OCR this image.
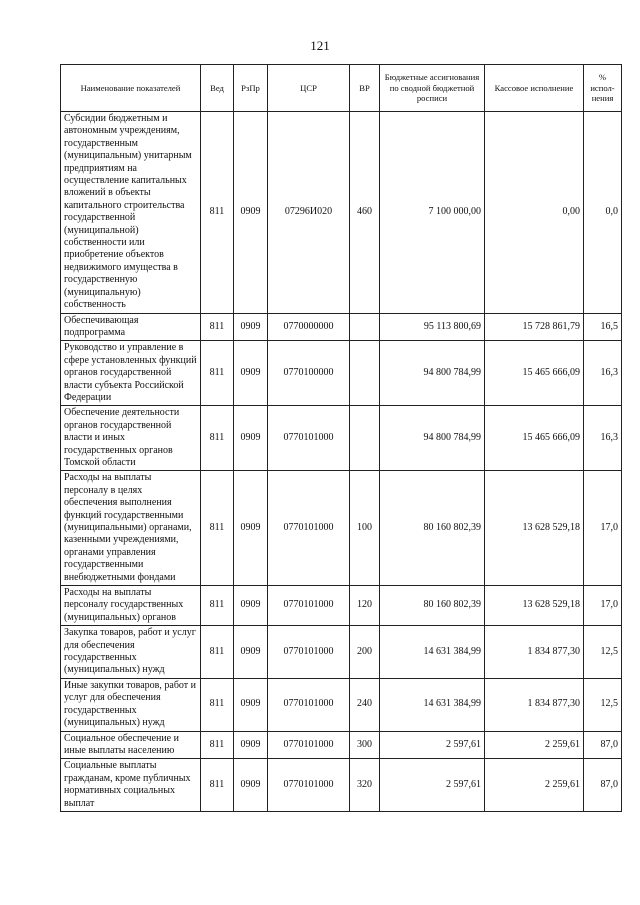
121
Наименование показателей	Вед	РзПр	ЦСР	ВР	Бюджетные ассигнования по сводной бюджетной росписи	Кассовое исполнение	% испол-нения
Субсидии бюджетным и автономным учреждениям, государственным (муниципальным) унитарным предприятиям на осуществление капитальных вложений в объекты капитального строительства государственной (муниципальной) собственности или приобретение объектов недвижимого имущества в государственную (муниципальную) собственность	811	0909	07296И020	460	7 100 000,00	0,00	0,0
Обеспечивающая подпрограмма	811	0909	0770000000		95 113 800,69	15 728 861,79	16,5
Руководство и управление в сфере установленных функций органов государственной власти субъекта Российской Федерации	811	0909	0770100000		94 800 784,99	15 465 666,09	16,3
Обеспечение деятельности органов государственной власти и иных государственных органов Томской области	811	0909	0770101000		94 800 784,99	15 465 666,09	16,3
Расходы на выплаты персоналу в целях обеспечения выполнения функций государственными (муниципальными) органами, казенными учреждениями, органами управления государственными внебюджетными фондами	811	0909	0770101000	100	80 160 802,39	13 628 529,18	17,0
Расходы на выплаты персоналу государственных (муниципальных) органов	811	0909	0770101000	120	80 160 802,39	13 628 529,18	17,0
Закупка товаров, работ и услуг для обеспечения государственных (муниципальных) нужд	811	0909	0770101000	200	14 631 384,99	1 834 877,30	12,5
Иные закупки товаров, работ и услуг для обеспечения государственных (муниципальных) нужд	811	0909	0770101000	240	14 631 384,99	1 834 877,30	12,5
Социальное обеспечение и иные выплаты населению	811	0909	0770101000	300	2 597,61	2 259,61	87,0
Социальные выплаты гражданам, кроме публичных нормативных социальных выплат	811	0909	0770101000	320	2 597,61	2 259,61	87,0
